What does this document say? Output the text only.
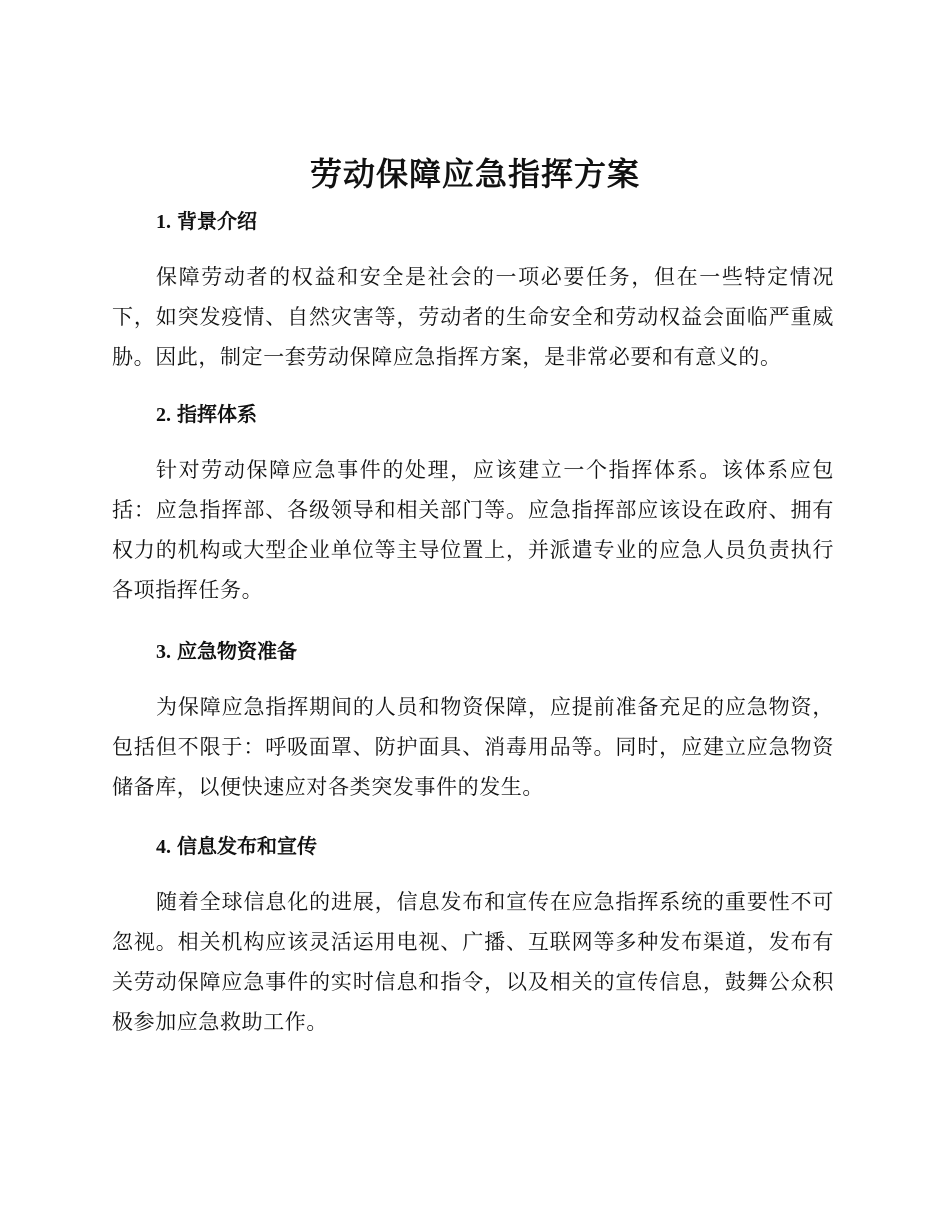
劳动保障应急指挥方案
1. 背景介绍
保障劳动者的权益和安全是社会的一项必要任务，但在一些特定情况下，如突发疫情、自然灾害等，劳动者的生命安全和劳动权益会面临严重威胁。因此，制定一套劳动保障应急指挥方案，是非常必要和有意义的。
2. 指挥体系
针对劳动保障应急事件的处理，应该建立一个指挥体系。该体系应包括：应急指挥部、各级领导和相关部门等。应急指挥部应该设在政府、拥有权力的机构或大型企业单位等主导位置上，并派遣专业的应急人员负责执行各项指挥任务。
3. 应急物资准备
为保障应急指挥期间的人员和物资保障，应提前准备充足的应急物资，包括但不限于：呼吸面罩、防护面具、消毒用品等。同时，应建立应急物资储备库，以便快速应对各类突发事件的发生。
4. 信息发布和宣传
随着全球信息化的进展，信息发布和宣传在应急指挥系统的重要性不可忽视。相关机构应该灵活运用电视、广播、互联网等多种发布渠道，发布有关劳动保障应急事件的实时信息和指令，以及相关的宣传信息，鼓舞公众积极参加应急救助工作。
